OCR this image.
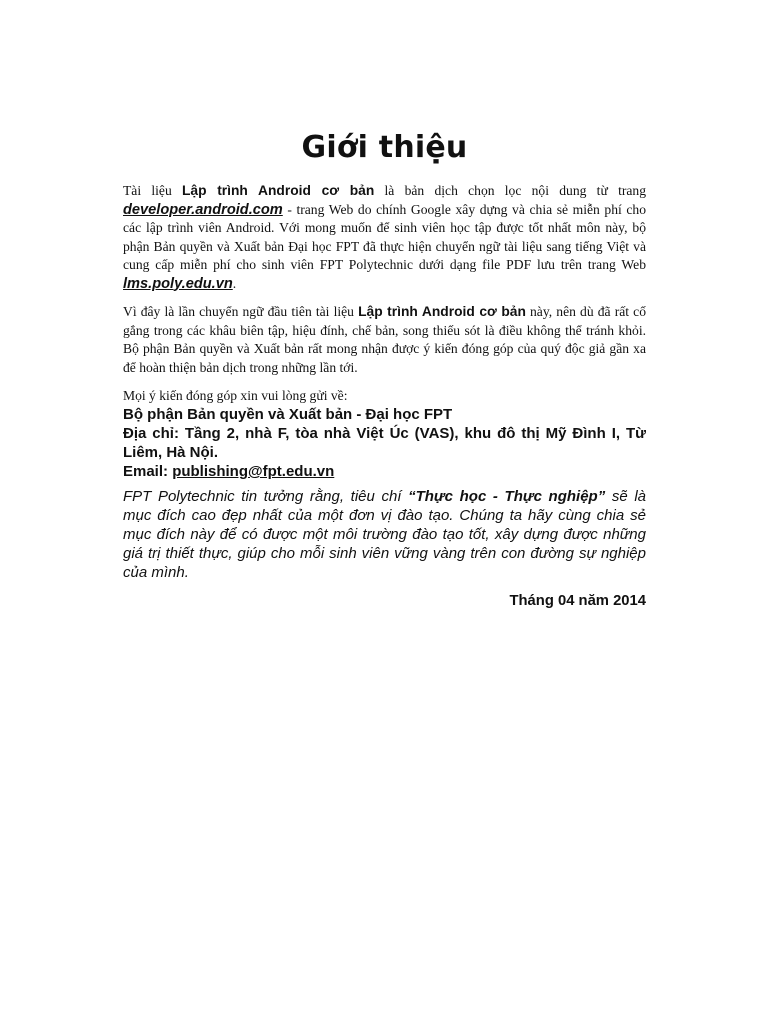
Giới thiệu

Tài liệu Lập trình Android cơ bản là bản dịch chọn lọc nội dung từ trang developer.android.com - trang Web do chính Google xây dựng và chia sẻ miễn phí cho các lập trình viên Android. Với mong muốn để sinh viên học tập được tốt nhất môn này, bộ phận Bản quyền và Xuất bản Đại học FPT đã thực hiện chuyển ngữ tài liệu sang tiếng Việt và cung cấp miễn phí cho sinh viên FPT Polytechnic dưới dạng file PDF lưu trên trang Web lms.poly.edu.vn.

Vì đây là lần chuyển ngữ đầu tiên tài liệu Lập trình Android cơ bản này, nên dù đã rất cố gắng trong các khâu biên tập, hiệu đính, chế bản, song thiếu sót là điều không thể tránh khỏi. Bộ phận Bản quyền và Xuất bản rất mong nhận được ý kiến đóng góp của quý độc giả gần xa để hoàn thiện bản dịch trong những lần tới.

Mọi ý kiến đóng góp xin vui lòng gửi về:

Bộ phận Bản quyền và Xuất bản - Đại học FPT

Địa chỉ: Tầng 2, nhà F, tòa nhà Việt Úc (VAS), khu đô thị Mỹ Đình I, Từ Liêm, Hà Nội.

Email: publishing@fpt.edu.vn

FPT Polytechnic tin tưởng rằng, tiêu chí “Thực học - Thực nghiệp” sẽ là mục đích cao đẹp nhất của một đơn vị đào tạo. Chúng ta hãy cùng chia sẻ mục đích này để có được một môi trường đào tạo tốt, xây dựng được những giá trị thiết thực, giúp cho mỗi sinh viên vững vàng trên con đường sự nghiệp của mình.

Tháng 04 năm 2014
